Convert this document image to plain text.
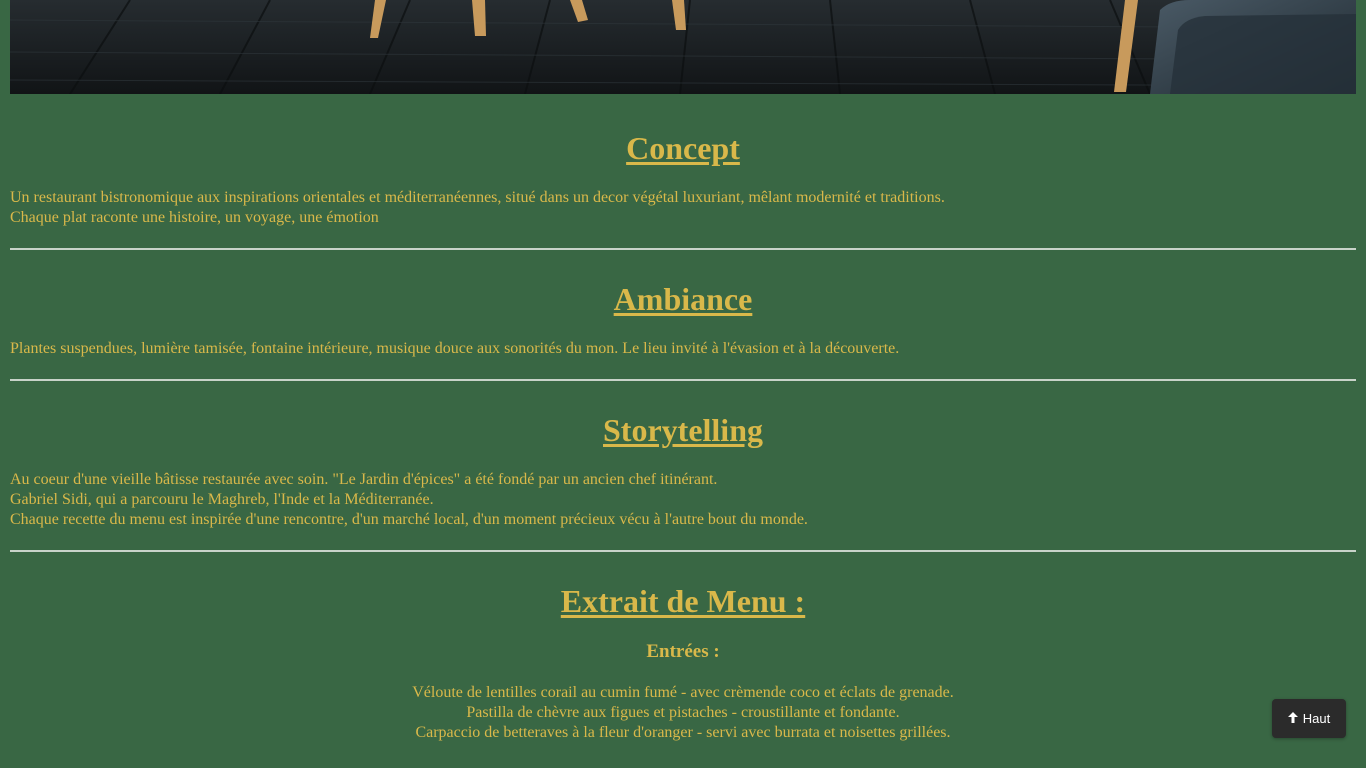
Concept

Un restaurant bistronomique aux inspirations orientales et méditerranéennes, situé dans un decor végétal luxuriant, mêlant modernité et traditions.

Chaque plat raconte une histoire, un voyage, une émotion

Ambiance

Plantes suspendues, lumière tamisée, fontaine intérieure, musique douce aux sonorités du mon. Le lieu invité à l'évasion et à la découverte.

Storytelling

Au coeur d'une vieille bâtisse restaurée avec soin. "Le Jardin d'épices" a été fondé par un ancien chef itinérant.

Gabriel Sidi, qui a parcouru le Maghreb, l'Inde et la Méditerranée.

Chaque recette du menu est inspirée d'une rencontre, d'un marché local, d'un moment précieux vécu à l'autre bout du monde.

Extrait de Menu :

Entrées :

Véloute de lentilles corail au cumin fumé - avec crèmende coco et éclats de grenade.

Pastilla de chèvre aux figues et pistaches - croustillante et fondante.

Carpaccio de betteraves à la fleur d'oranger - servi avec burrata et noisettes grillées.

Haut
